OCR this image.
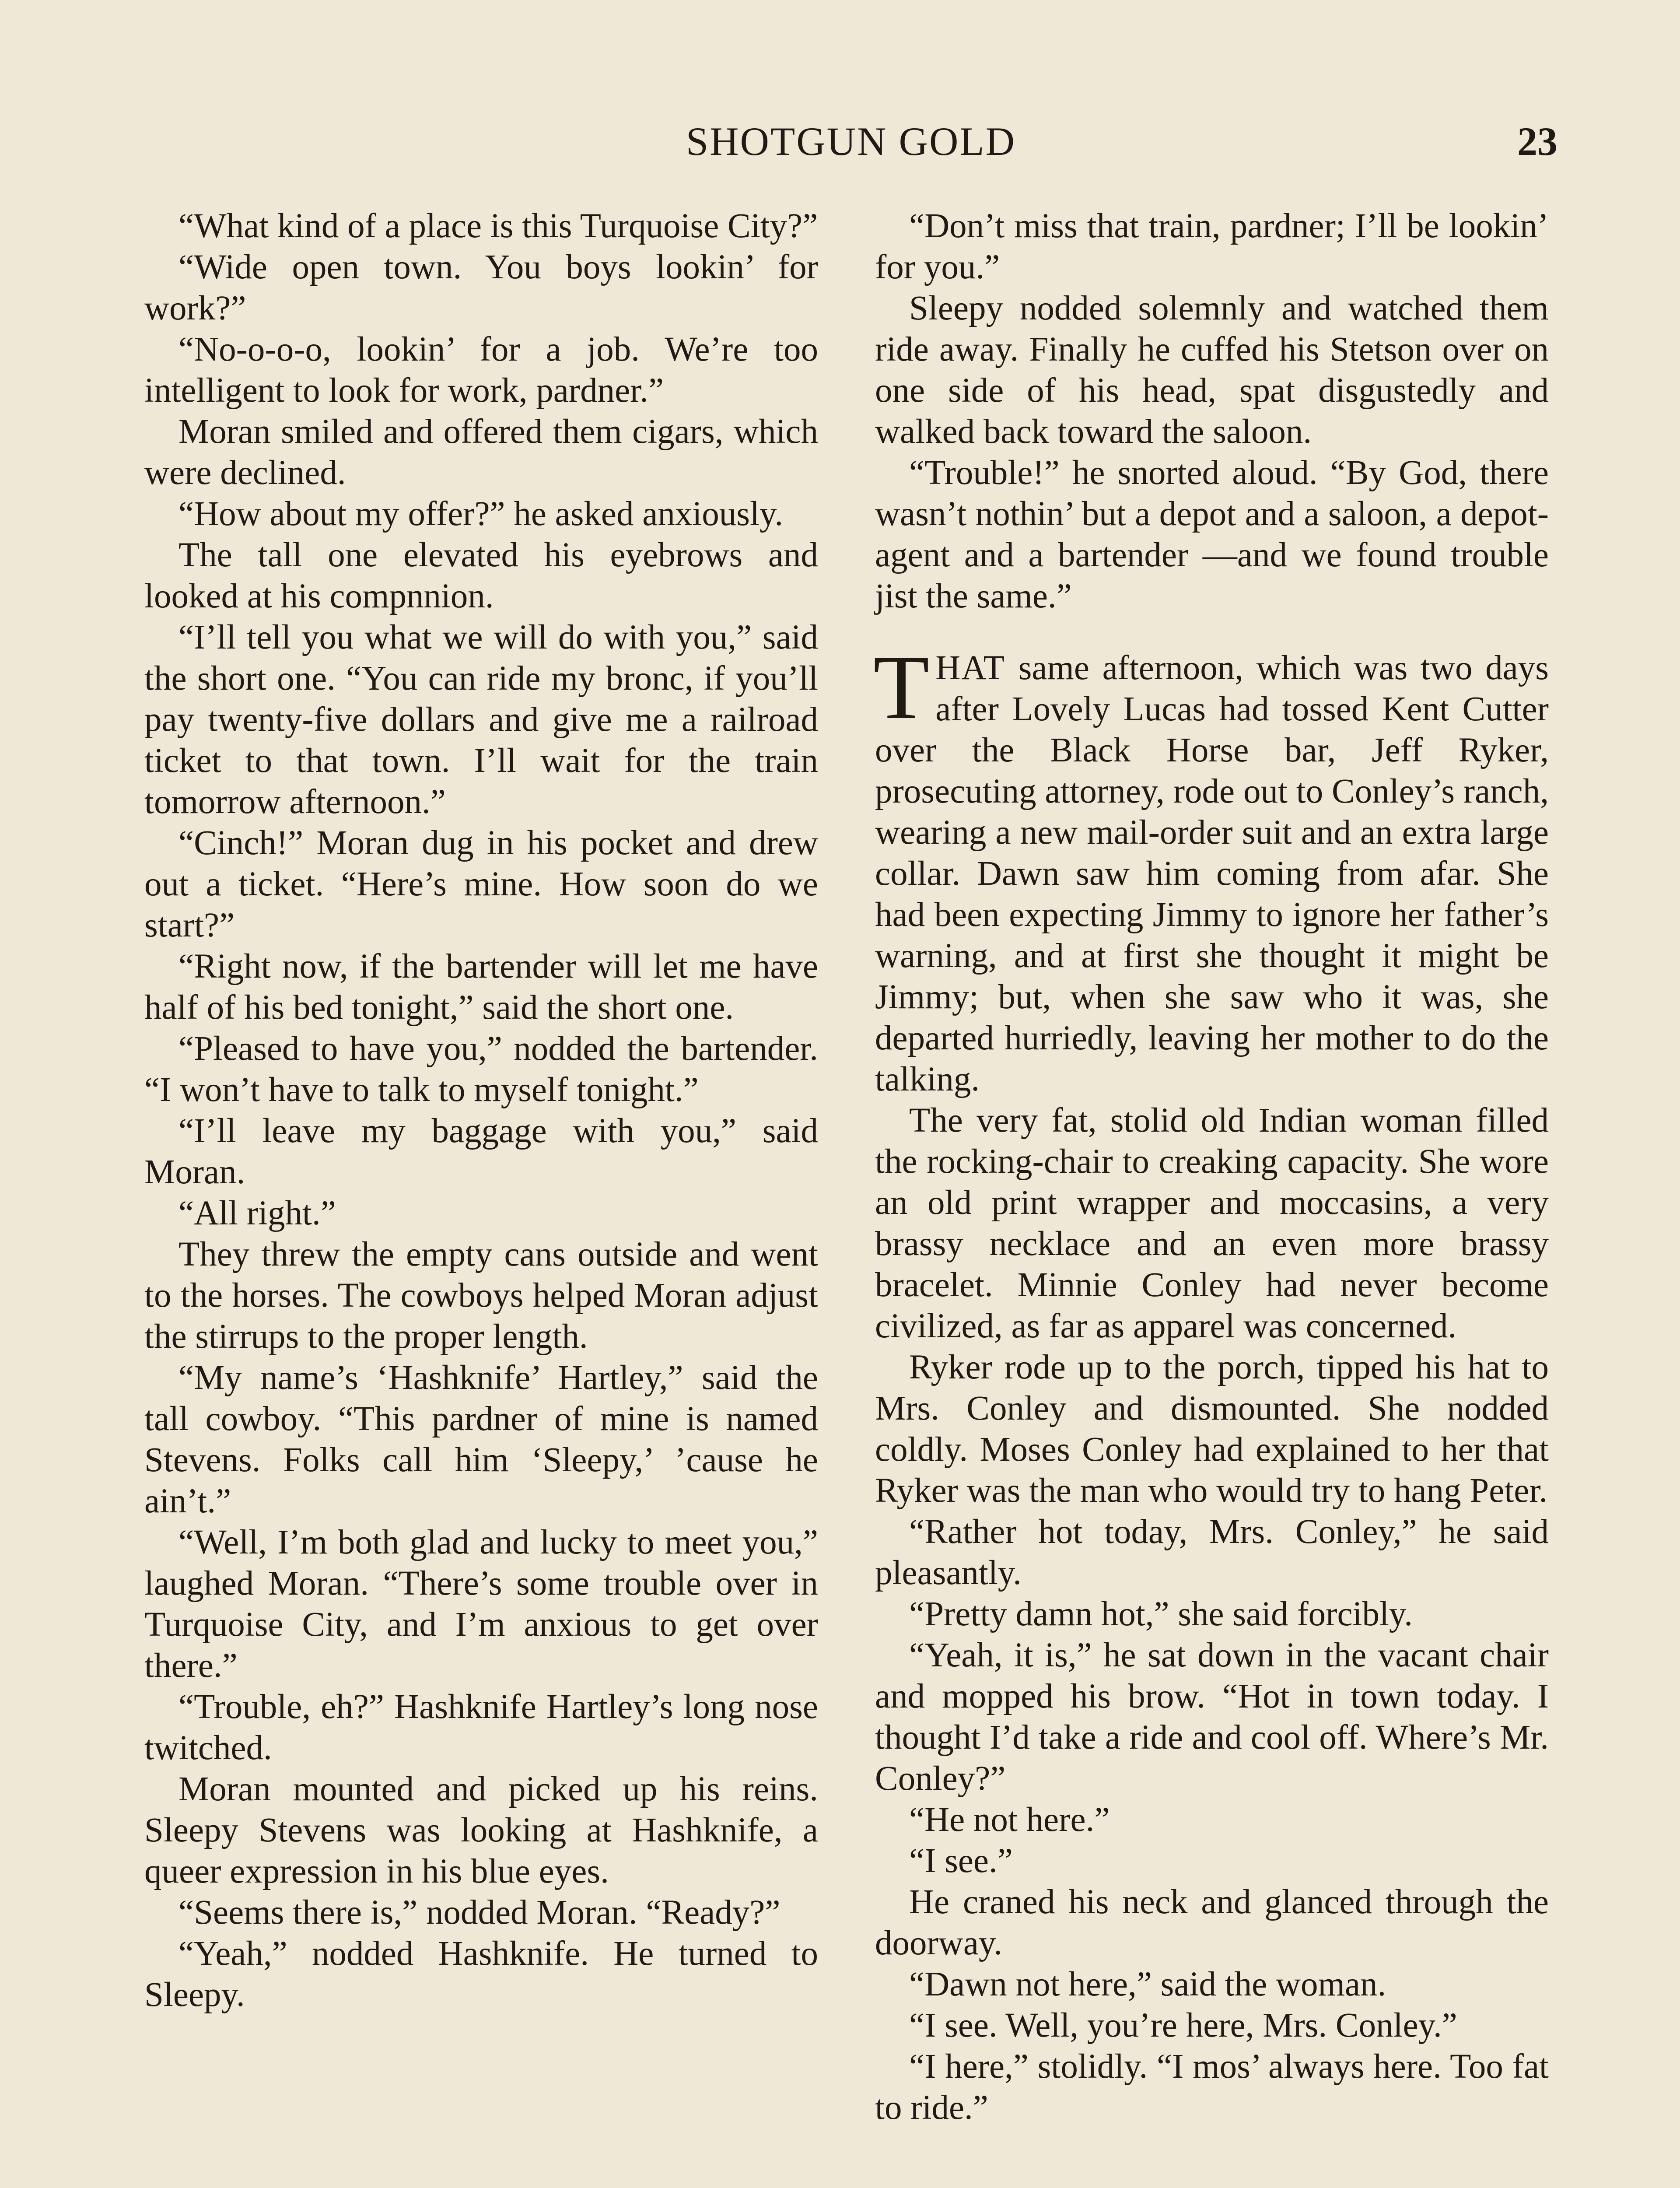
SHOTGUN GOLD	23

“What kind of a place is this Turquoise City?”

“Wide open town. You boys lookin’ for work?”

“No-o-o-o, lookin’ for a job. We’re too intelligent to look for work, pardner.”

Moran smiled and offered them cigars, which were declined.

“How about my offer?” he asked anxiously.

The tall one elevated his eyebrows and looked at his compnnion.

“I’ll tell you what we will do with you,” said the short one. “You can ride my bronc, if you’ll pay twenty-five dollars and give me a railroad ticket to that town. I’ll wait for the train tomorrow afternoon.”

“Cinch!” Moran dug in his pocket and drew out a ticket. “Here’s mine. How soon do we start?”

“Right now, if the bartender will let me have half of his bed tonight,” said the short one.

“Pleased to have you,” nodded the bartender. “I won’t have to talk to myself tonight.”

“I’ll leave my baggage with you,” said Moran.

“All right.”

They threw the empty cans outside and went to the horses. The cowboys helped Moran adjust the stirrups to the proper length.

“My name’s ‘Hashknife’ Hartley,” said the tall cowboy. “This pardner of mine is named Stevens. Folks call him ‘Sleepy,’ ’cause he ain’t.”

“Well, I’m both glad and lucky to meet you,” laughed Moran. “There’s some trouble over in Turquoise City, and I’m anxious to get over there.”

“Trouble, eh?” Hashknife Hartley’s long nose twitched.

Moran mounted and picked up his reins. Sleepy Stevens was looking at Hashknife, a queer expression in his blue eyes.

“Seems there is,” nodded Moran. “Ready?”

“Yeah,” nodded Hashknife. He turned to Sleepy.

“Don’t miss that train, pardner; I’ll be lookin’ for you.”

Sleepy nodded solemnly and watched them ride away. Finally he cuffed his Stetson over on one side of his head, spat disgustedly and walked back toward the saloon.

“Trouble!” he snorted aloud. “By God, there wasn’t nothin’ but a depot and a saloon, a depot-agent and a bartender —and we found trouble jist the same.”

THAT same afternoon, which was two days after Lovely Lucas had tossed Kent Cutter over the Black Horse bar, Jeff Ryker, prosecuting attorney, rode out to Conley’s ranch, wearing a new mail-order suit and an extra large collar. Dawn saw him coming from afar. She had been expecting Jimmy to ignore her father’s warning, and at first she thought it might be Jimmy; but, when she saw who it was, she departed hurriedly, leaving her mother to do the talking.

The very fat, stolid old Indian woman filled the rocking-chair to creaking capacity. She wore an old print wrapper and moccasins, a very brassy necklace and an even more brassy bracelet. Minnie Conley had never become civilized, as far as apparel was concerned.

Ryker rode up to the porch, tipped his hat to Mrs. Conley and dismounted. She nodded coldly. Moses Conley had explained to her that Ryker was the man who would try to hang Peter.

“Rather hot today, Mrs. Conley,” he said pleasantly.

“Pretty damn hot,” she said forcibly.

“Yeah, it is,” he sat down in the vacant chair and mopped his brow. “Hot in town today. I thought I’d take a ride and cool off. Where’s Mr. Conley?”

“He not here.”

“I see.”

He craned his neck and glanced through the doorway.

“Dawn not here,” said the woman.

“I see. Well, you’re here, Mrs. Conley.”

“I here,” stolidly. “I mos’ always here. Too fat to ride.”
